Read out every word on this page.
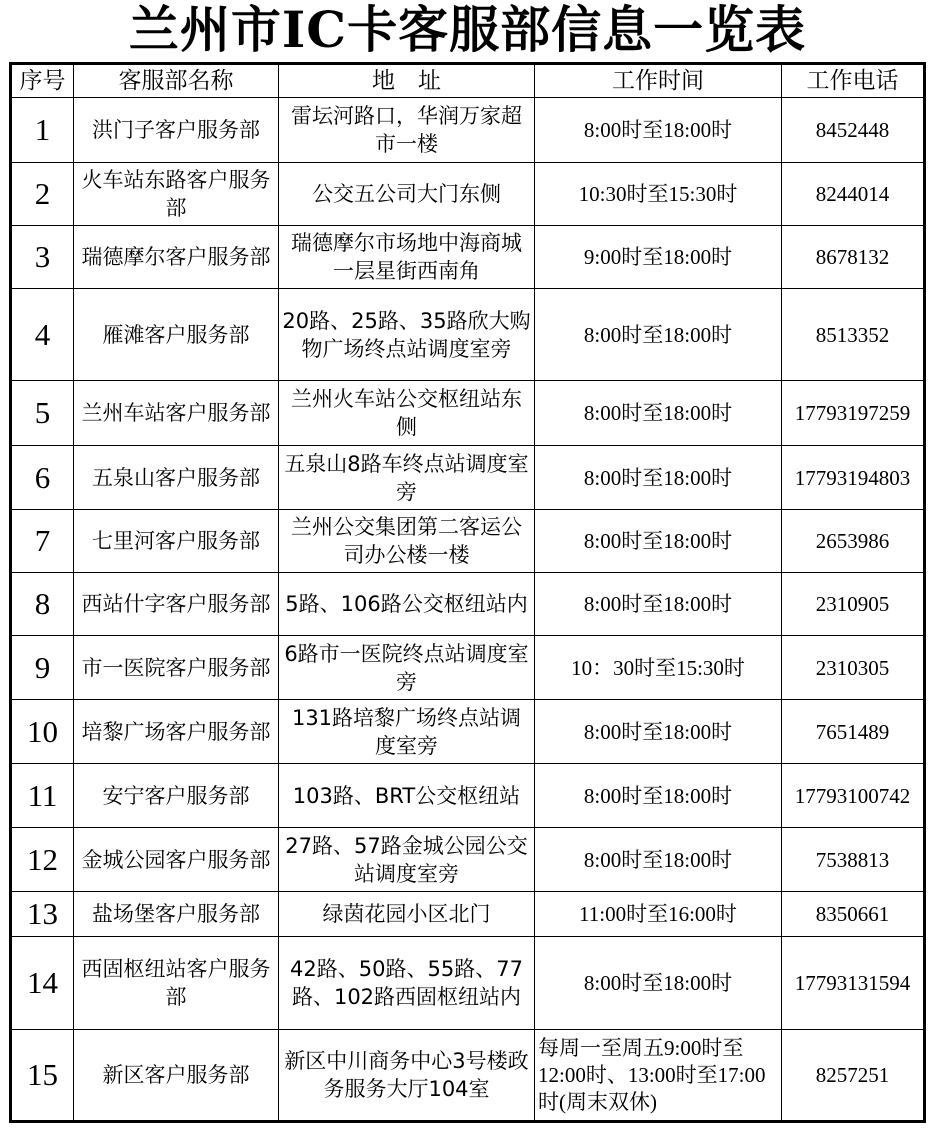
兰州市IC卡客服部信息一览表
序号	客服部名称	地　址	工作时间	工作电话
1	洪门子客户服务部	雷坛河路口，华润万家超市一楼	8:00时至18:00时	8452448
2	火车站东路客户服务部	公交五公司大门东侧	10:30时至15:30时	8244014
3	瑞德摩尔客户服务部	瑞德摩尔市场地中海商城一层星街西南角	9:00时至18:00时	8678132
4	雁滩客户服务部	20路、25路、35路欣大购物广场终点站调度室旁	8:00时至18:00时	8513352
5	兰州车站客户服务部	兰州火车站公交枢纽站东侧	8:00时至18:00时	17793197259
6	五泉山客户服务部	五泉山8路车终点站调度室旁	8:00时至18:00时	17793194803
7	七里河客户服务部	兰州公交集团第二客运公司办公楼一楼	8:00时至18:00时	2653986
8	西站什字客户服务部	5路、106路公交枢纽站内	8:00时至18:00时	2310905
9	市一医院客户服务部	6路市一医院终点站调度室旁	10：30时至15:30时	2310305
10	培黎广场客户服务部	131路培黎广场终点站调度室旁	8:00时至18:00时	7651489
11	安宁客户服务部	103路、BRT公交枢纽站	8:00时至18:00时	17793100742
12	金城公园客户服务部	27路、57路金城公园公交站调度室旁	8:00时至18:00时	7538813
13	盐场堡客户服务部	绿茵花园小区北门	11:00时至16:00时	8350661
14	西固枢纽站客户服务部	42路、50路、55路、77路、102路西固枢纽站内	8:00时至18:00时	17793131594
15	新区客户服务部	新区中川商务中心3号楼政务服务大厅104室	每周一至周五9:00时至12:00时、13:00时至17:00时(周末双休)	8257251
